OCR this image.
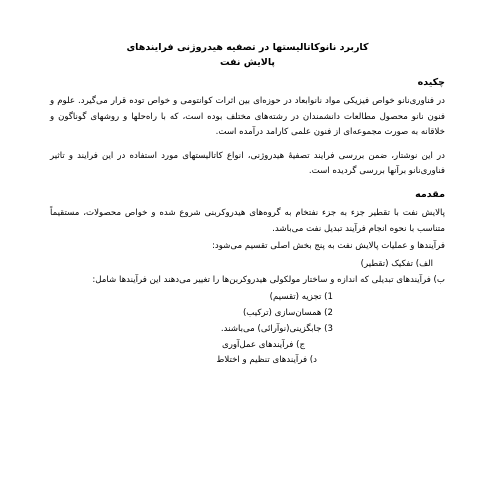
کاربرد نانوکاتالیستها در تصفیه هیدروژنی فرایندهای
پالایش نفت
چکیده

در فناوری‌نانو خواص فیزیکی مواد نانوابعاد در حوزه‌ای بین اثرات کوانتومی و خواص توده قرار می‌گیرد. علوم و فنون نانو محصول مطالعات دانشمندان در رشته‌های مختلف بوده است، که با راه‌حلها و روشهای گوناگون و خلاقانه به صورت مجموعه‌ای از فنون علمی کارامد درآمده است.

در این نوشتار، ضمن بررسی فرایند تصفیهٔ هیدروژنی، انواع کاتالیستهای مورد استفاده در این فرایند و تاثیر فناوری‌نانو برآنها بررسی گردیده است.

مقدمه

پالایش نفت با تقطیر جزء به جزء نفتخام به گروه‌های هیدروکربنی شروع شده و خواص محصولات، مستقیماً متناسب با نحوه انجام فرآیند تبدیل نفت می‌باشد.

فرآیندها و عملیات پالایش نفت به پنج بخش اصلی تقسیم می‌شود:

الف) تفکیک (تقطیر)

ب) فرآیندهای تبدیلی که اندازه و ساختار مولکولی هیدروکربن‌ها را تغییر می‌دهند این فرآیندها شامل:

1) تجزیه (تقسیم)
2) همسان‌سازی (ترکیب)
3) جابگزینی(نوآرائی) می‌باشند.
ج) فرآیندهای عمل‌آوری
د) فرآیندهای تنظیم و اختلاط
